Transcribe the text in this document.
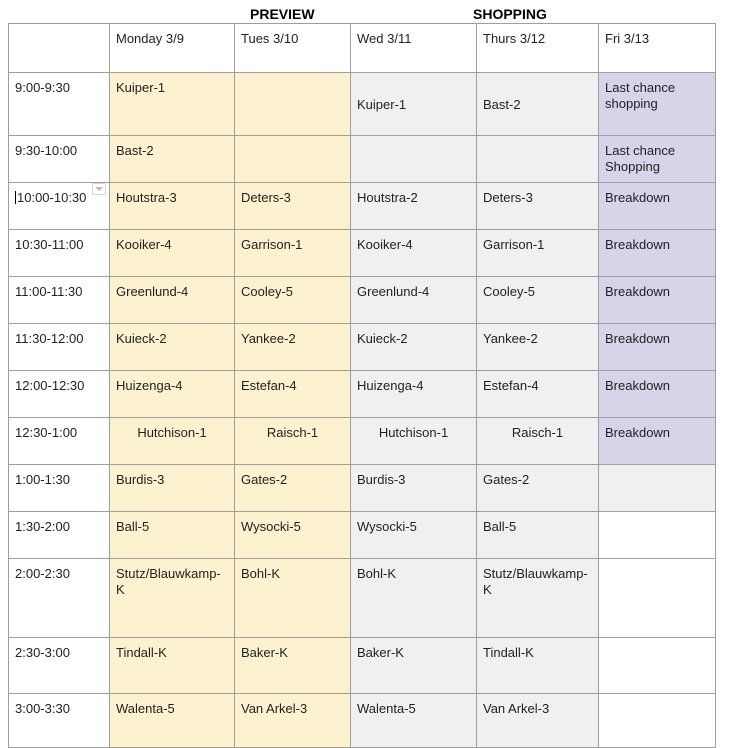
PREVIEW	SHOPPING
	Monday 3/9	Tues 3/10	Wed 3/11	Thurs 3/12	Fri 3/13
9:00-9:30	Kuiper-1		Kuiper-1	Bast-2	Last chance shopping
9:30-10:00	Bast-2				Last chance Shopping
10:00-10:30	Houtstra-3	Deters-3	Houtstra-2	Deters-3	Breakdown
10:30-11:00	Kooiker-4	Garrison-1	Kooiker-4	Garrison-1	Breakdown
11:00-11:30	Greenlund-4	Cooley-5	Greenlund-4	Cooley-5	Breakdown
11:30-12:00	Kuieck-2	Yankee-2	Kuieck-2	Yankee-2	Breakdown
12:00-12:30	Huizenga-4	Estefan-4	Huizenga-4	Estefan-4	Breakdown
12:30-1:00	Hutchison-1	Raisch-1	Hutchison-1	Raisch-1	Breakdown
1:00-1:30	Burdis-3	Gates-2	Burdis-3	Gates-2	
1:30-2:00	Ball-5	Wysocki-5	Wysocki-5	Ball-5	
2:00-2:30	Stutz/Blauwkamp-K	Bohl-K	Bohl-K	Stutz/Blauwkamp-K	
2:30-3:00	Tindall-K	Baker-K	Baker-K	Tindall-K	
3:00-3:30	Walenta-5	Van Arkel-3	Walenta-5	Van Arkel-3	
